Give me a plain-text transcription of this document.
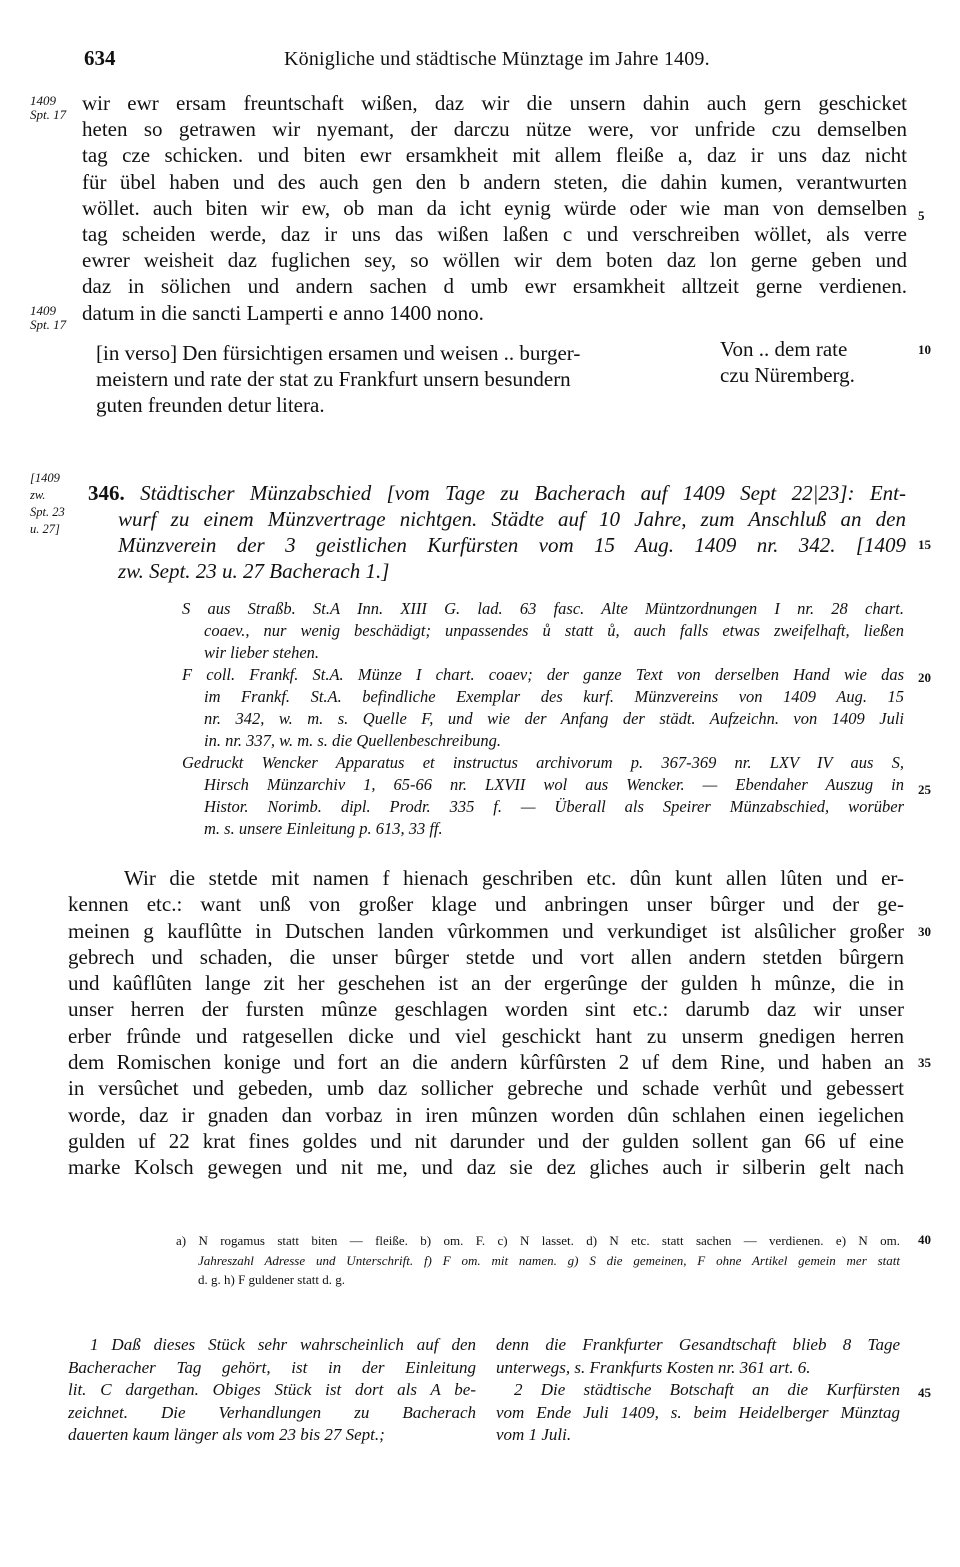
634	Königliche und städtische Münztage im Jahre 1409.
1409
Spt. 17
1409
Spt. 17
[1409
zw.
Spt. 23
u. 27]

wir ewr ersam freuntschaft wißen, daz wir die unsern dahin auch gern geschicket

heten so getrawen wir nyemant, der darczu nütze were, vor unfride czu demselben

tag cze schicken. und biten ewr ersamkheit mit allem fleiße a, daz ir uns daz nicht

für übel haben und des auch gen den b andern steten, die dahin kumen, verantwurten

wöllet. auch biten wir ew, ob man da icht eynig würde oder wie man von demselben

tag scheiden werde, daz ir uns das wißen laßen c und verschreiben wöllet, als verre

ewrer weisheit daz fuglichen sey, so wöllen wir dem boten daz lon gerne geben und

daz in sölichen und andern sachen d umb ewr ersamkheit alltzeit gerne verdienen.

datum in die sancti Lamperti e anno 1400 nono.

[in verso] Den fürsichtigen ersamen und weisen .. burger-

meistern und rate der stat zu Frankfurt unsern besundern

guten freunden detur litera.

Von .. dem rate

czu Nüremberg.

346. Städtischer Münzabschied [vom Tage zu Bacherach auf 1409 Sept 22|23]: Ent-

wurf zu einem Münzvertrage nichtgen. Städte auf 10 Jahre, zum Anschluß an den

Münzverein der 3 geistlichen Kurfürsten vom 15 Aug. 1409 nr. 342. [1409

zw. Sept. 23 u. 27 Bacherach 1.]

S aus Straßb. St.A Inn. XIII G. lad. 63 fasc. Alte Müntzordnungen I nr. 28 chart.

coaev., nur wenig beschädigt; unpassendes ů statt ů, auch falls etwas zweifelhaft, ließen

wir lieber stehen.

F coll. Frankf. St.A. Münze I chart. coaev; der ganze Text von derselben Hand wie das

im Frankf. St.A. befindliche Exemplar des kurf. Münzvereins von 1409 Aug. 15

nr. 342, w. m. s. Quelle F, und wie der Anfang der städt. Aufzeichn. von 1409 Juli

in. nr. 337, w. m. s. die Quellenbeschreibung.

Gedruckt Wencker Apparatus et instructus archivorum p. 367-369 nr. LXV IV aus S,

Hirsch Münzarchiv 1, 65-66 nr. LXVII wol aus Wencker. — Ebendaher Auszug in

Histor. Norimb. dipl. Prodr. 335 f. — Überall als Speirer Münzabschied, worüber

m. s. unsere Einleitung p. 613, 33 ff.

Wir die stetde mit namen f hienach geschriben etc. dûn kunt allen lûten und er-

kennen etc.: want unß von großer klage und anbringen unser bûrger und der ge-

meinen g kauflûtte in Dutschen landen vûrkommen und verkundiget ist alsûlicher großer

gebrech und schaden, die unser bûrger stetde und vort allen andern stetden bûrgern

und kaûflûten lange zit her geschehen ist an der ergerûnge der gulden h mûnze, die in

unser herren der fursten mûnze geschlagen worden sint etc.: darumb daz wir unser

erber frûnde und ratgesellen dicke und viel geschickt hant zu unserm gnedigen herren

dem Romischen konige und fort an die andern kûrfûrsten 2 uf dem Rine, und haben an

in versûchet und gebeden, umb daz sollicher gebreche und schade verhût und gebessert

worde, daz ir gnaden dan vorbaz in iren mûnzen worden dûn schlahen einen iegelichen

gulden uf 22 krat fines goldes und nit darunder und der gulden sollent gan 66 uf eine

marke Kolsch gewegen und nit me, und daz sie dez gliches auch ir silberin gelt nach

a) N rogamus statt biten — fleiße. b) om. F. c) N lasset. d) N etc. statt sachen — verdienen. e) N om.

Jahreszahl Adresse und Unterschrift. f) F om. mit namen. g) S die gemeinen, F ohne Artikel gemein mer statt

d. g. h) F guldener statt d. g.

1 Daß dieses Stück sehr wahrscheinlich auf den

Bacheracher Tag gehört, ist in der Einleitung

lit. C dargethan. Obiges Stück ist dort als A be-

zeichnet. Die Verhandlungen zu Bacherach

dauerten kaum länger als vom 23 bis 27 Sept.;

denn die Frankfurter Gesandtschaft blieb 8 Tage

unterwegs, s. Frankfurts Kosten nr. 361 art. 6.

2 Die städtische Botschaft an die Kurfürsten

vom Ende Juli 1409, s. beim Heidelberger Münztag

vom 1 Juli.

5
10
15
20
25
30
35
40
45
